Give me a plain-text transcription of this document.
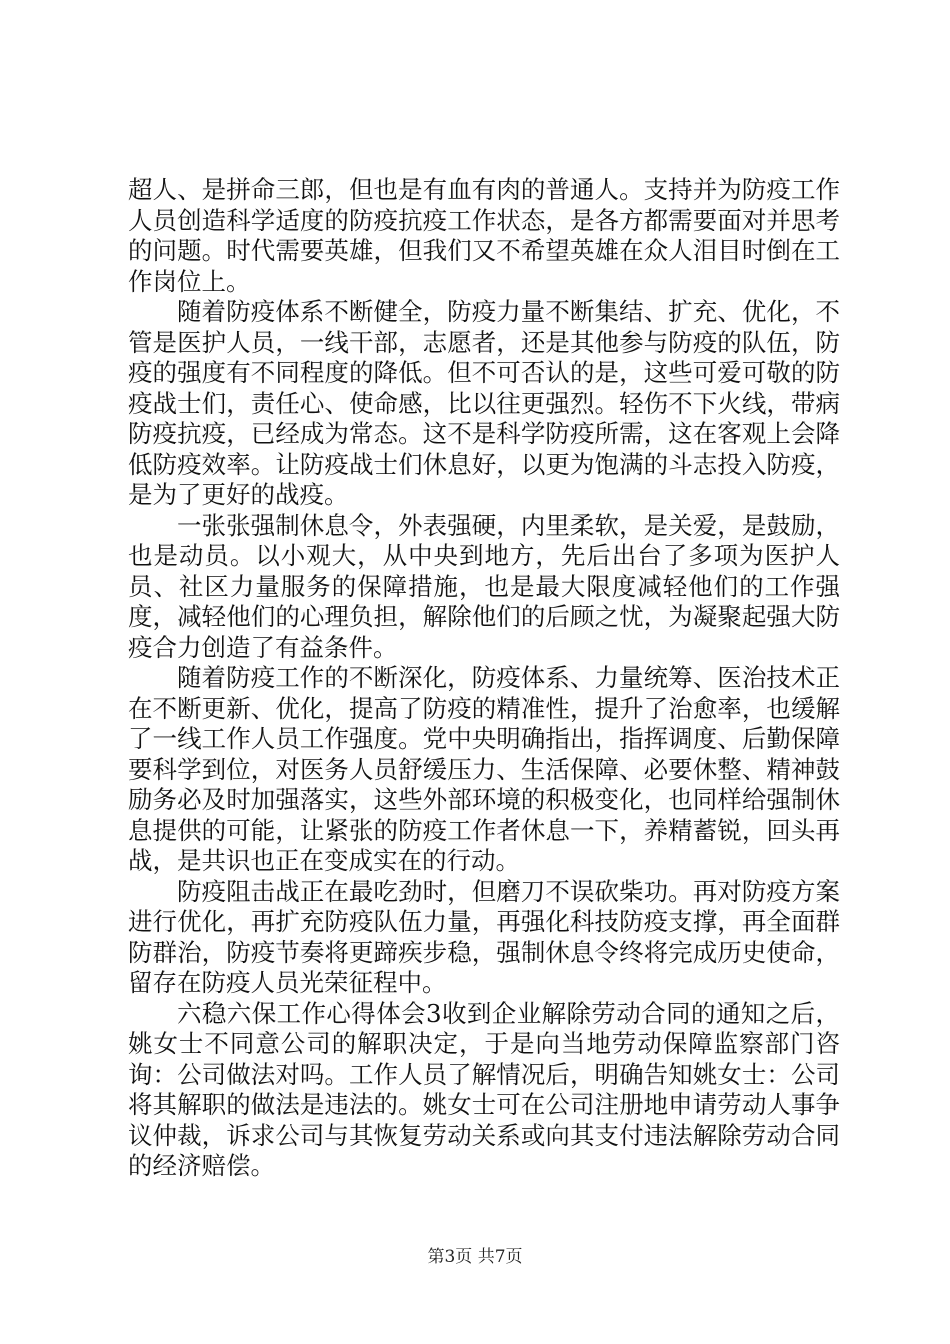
超人、是拼命三郎，但也是有血有肉的普通人。支持并为防疫工作人员创造科学适度的防疫抗疫工作状态，是各方都需要面对并思考的问题。时代需要英雄，但我们又不希望英雄在众人泪目时倒在工作岗位上。

随着防疫体系不断健全，防疫力量不断集结、扩充、优化，不管是医护人员，一线干部，志愿者，还是其他参与防疫的队伍，防疫的强度有不同程度的降低。但不可否认的是，这些可爱可敬的防疫战士们，责任心、使命感，比以往更强烈。轻伤不下火线，带病防疫抗疫，已经成为常态。这不是科学防疫所需，这在客观上会降低防疫效率。让防疫战士们休息好，以更为饱满的斗志投入防疫，是为了更好的战疫。

一张张强制休息令，外表强硬，内里柔软，是关爱，是鼓励，也是动员。以小观大，从中央到地方，先后出台了多项为医护人员、社区力量服务的保障措施，也是最大限度减轻他们的工作强度，减轻他们的心理负担，解除他们的后顾之忧，为凝聚起强大防疫合力创造了有益条件。

随着防疫工作的不断深化，防疫体系、力量统筹、医治技术正在不断更新、优化，提高了防疫的精准性，提升了治愈率，也缓解了一线工作人员工作强度。党中央明确指出，指挥调度、后勤保障要科学到位，对医务人员舒缓压力、生活保障、必要休整、精神鼓励务必及时加强落实，这些外部环境的积极变化，也同样给强制休息提供的可能，让紧张的防疫工作者休息一下，养精蓄锐，回头再战，是共识也正在变成实在的行动。

防疫阻击战正在最吃劲时，但磨刀不误砍柴功。再对防疫方案进行优化，再扩充防疫队伍力量，再强化科技防疫支撑，再全面群防群治，防疫节奏将更蹄疾步稳，强制休息令终将完成历史使命，留存在防疫人员光荣征程中。

六稳六保工作心得体会3收到企业解除劳动合同的通知之后，姚女士不同意公司的解职决定，于是向当地劳动保障监察部门咨询：公司做法对吗。工作人员了解情况后，明确告知姚女士：公司将其解职的做法是违法的。姚女士可在公司注册地申请劳动人事争议仲裁，诉求公司与其恢复劳动关系或向其支付违法解除劳动合同的经济赔偿。

第3页 共7页
